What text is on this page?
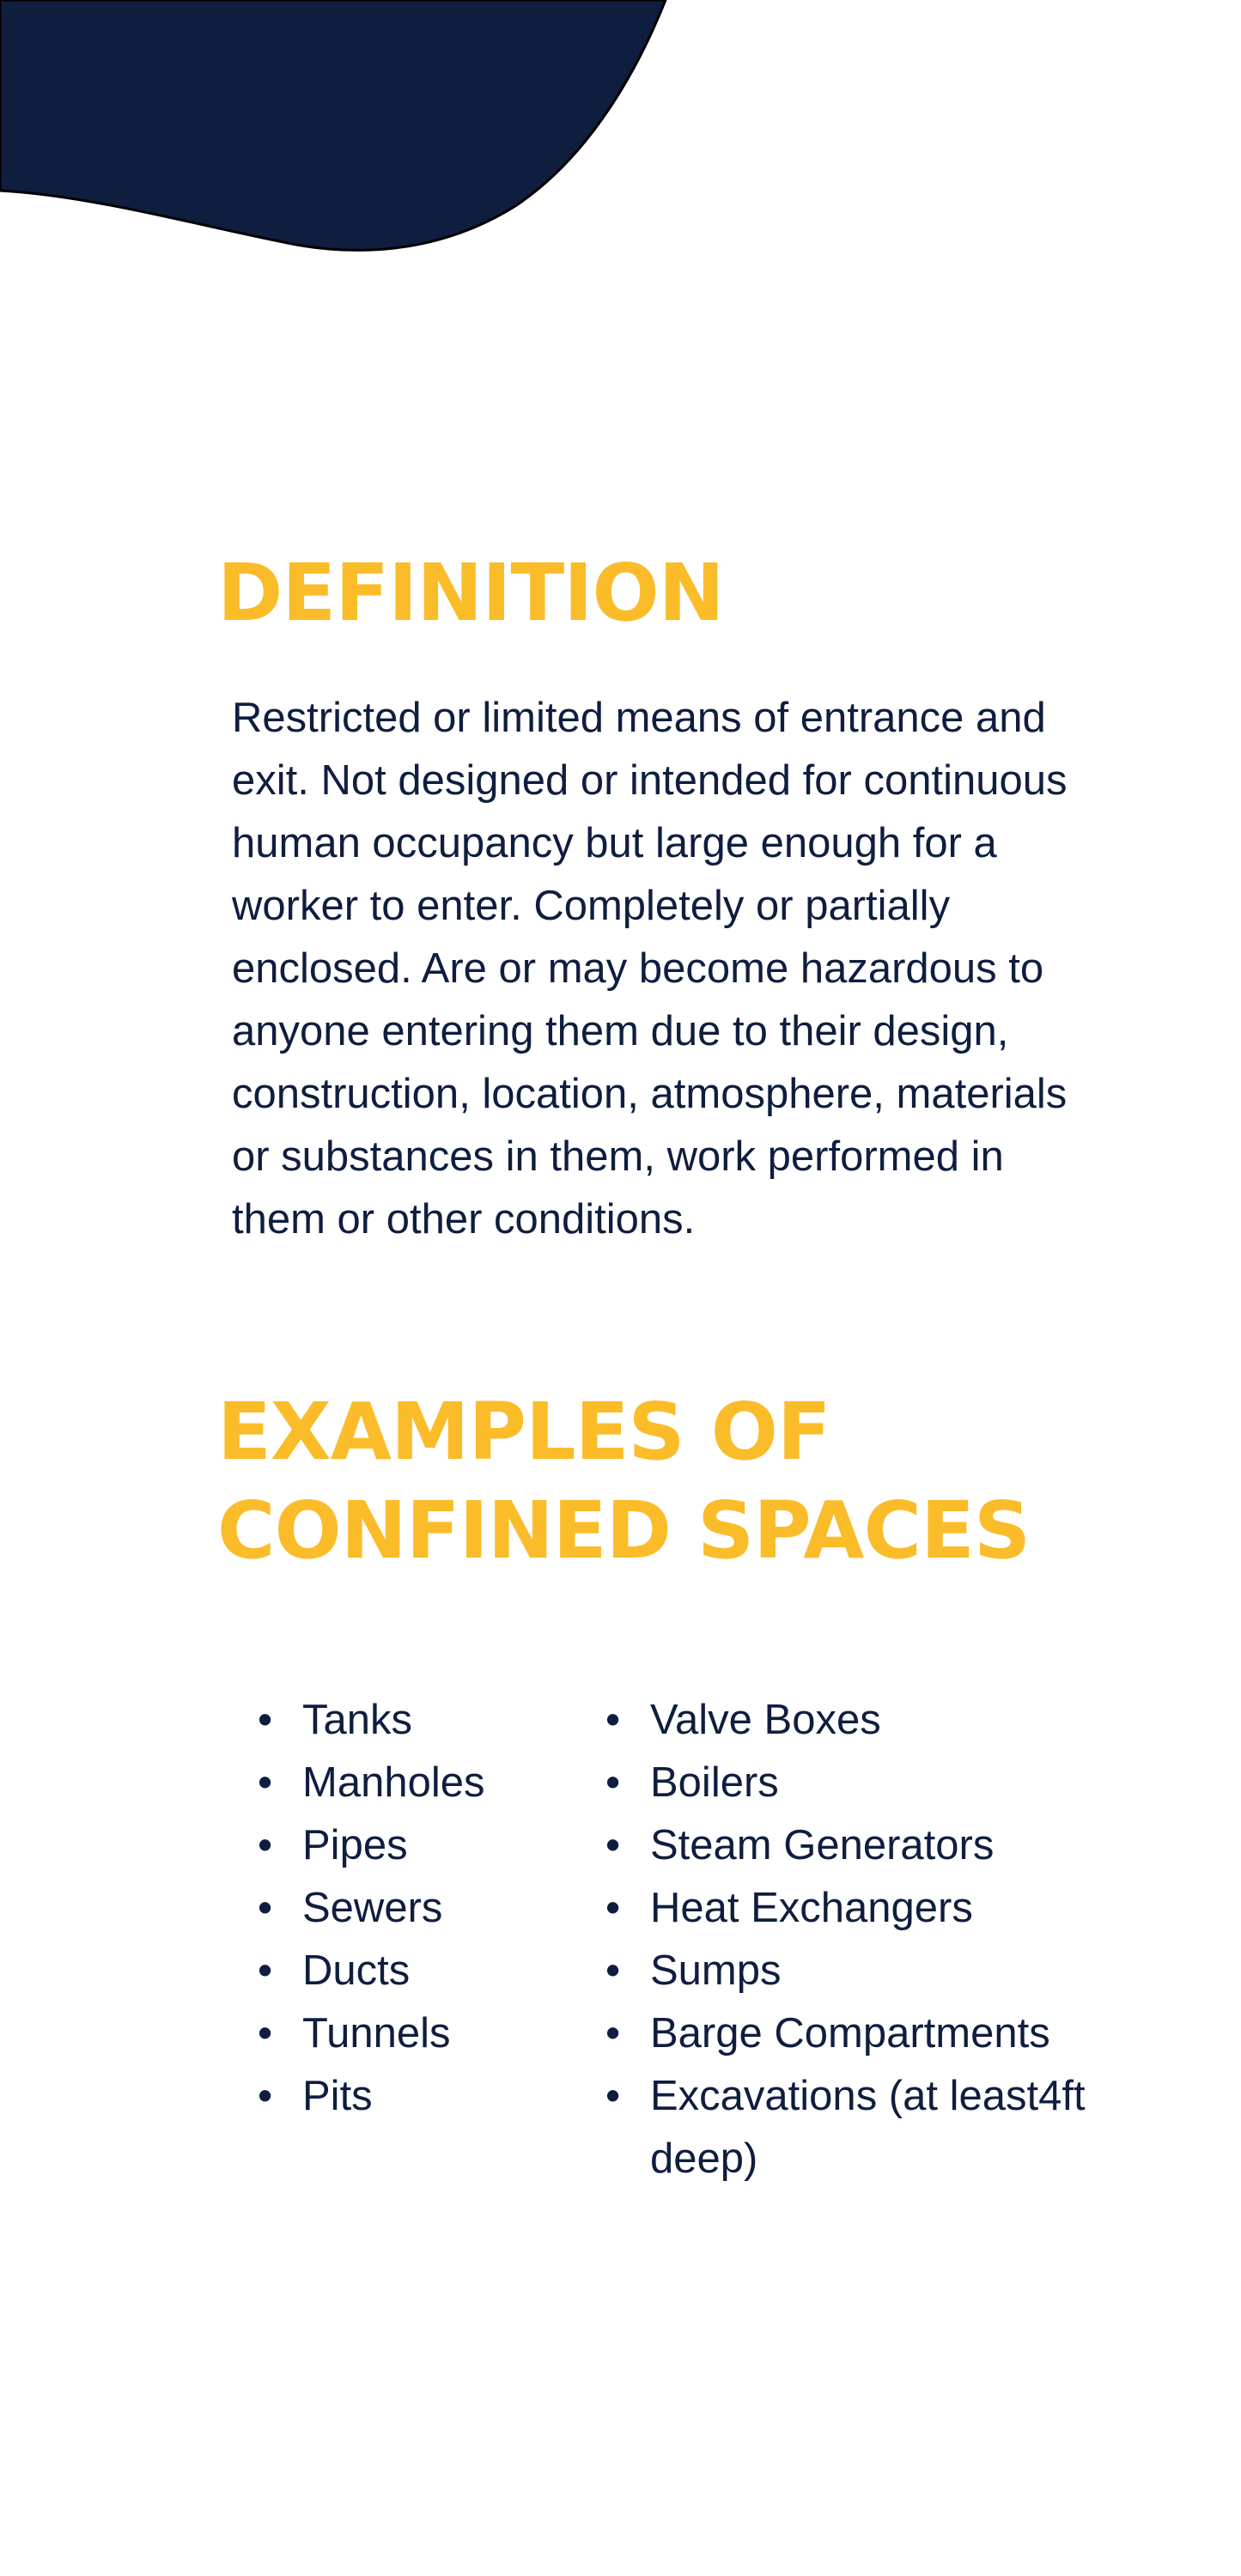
DEFINITION

Restricted or limited means of entrance and exit. Not designed or intended for continuous human occupancy but large enough for a worker to enter. Completely or partially enclosed. Are or may become hazardous to anyone entering them due to their design, construction, location, atmosphere, materials or substances in them, work performed in them or other conditions.

EXAMPLES OF
CONFINED SPACES
• Tanks
• Manholes
• Pipes
• Sewers
• Ducts
• Tunnels
• Pits
• Valve Boxes
• Boilers
• Steam Generators
• Heat Exchangers
• Sumps
• Barge Compartments
• Excavations (at least4ft deep)
